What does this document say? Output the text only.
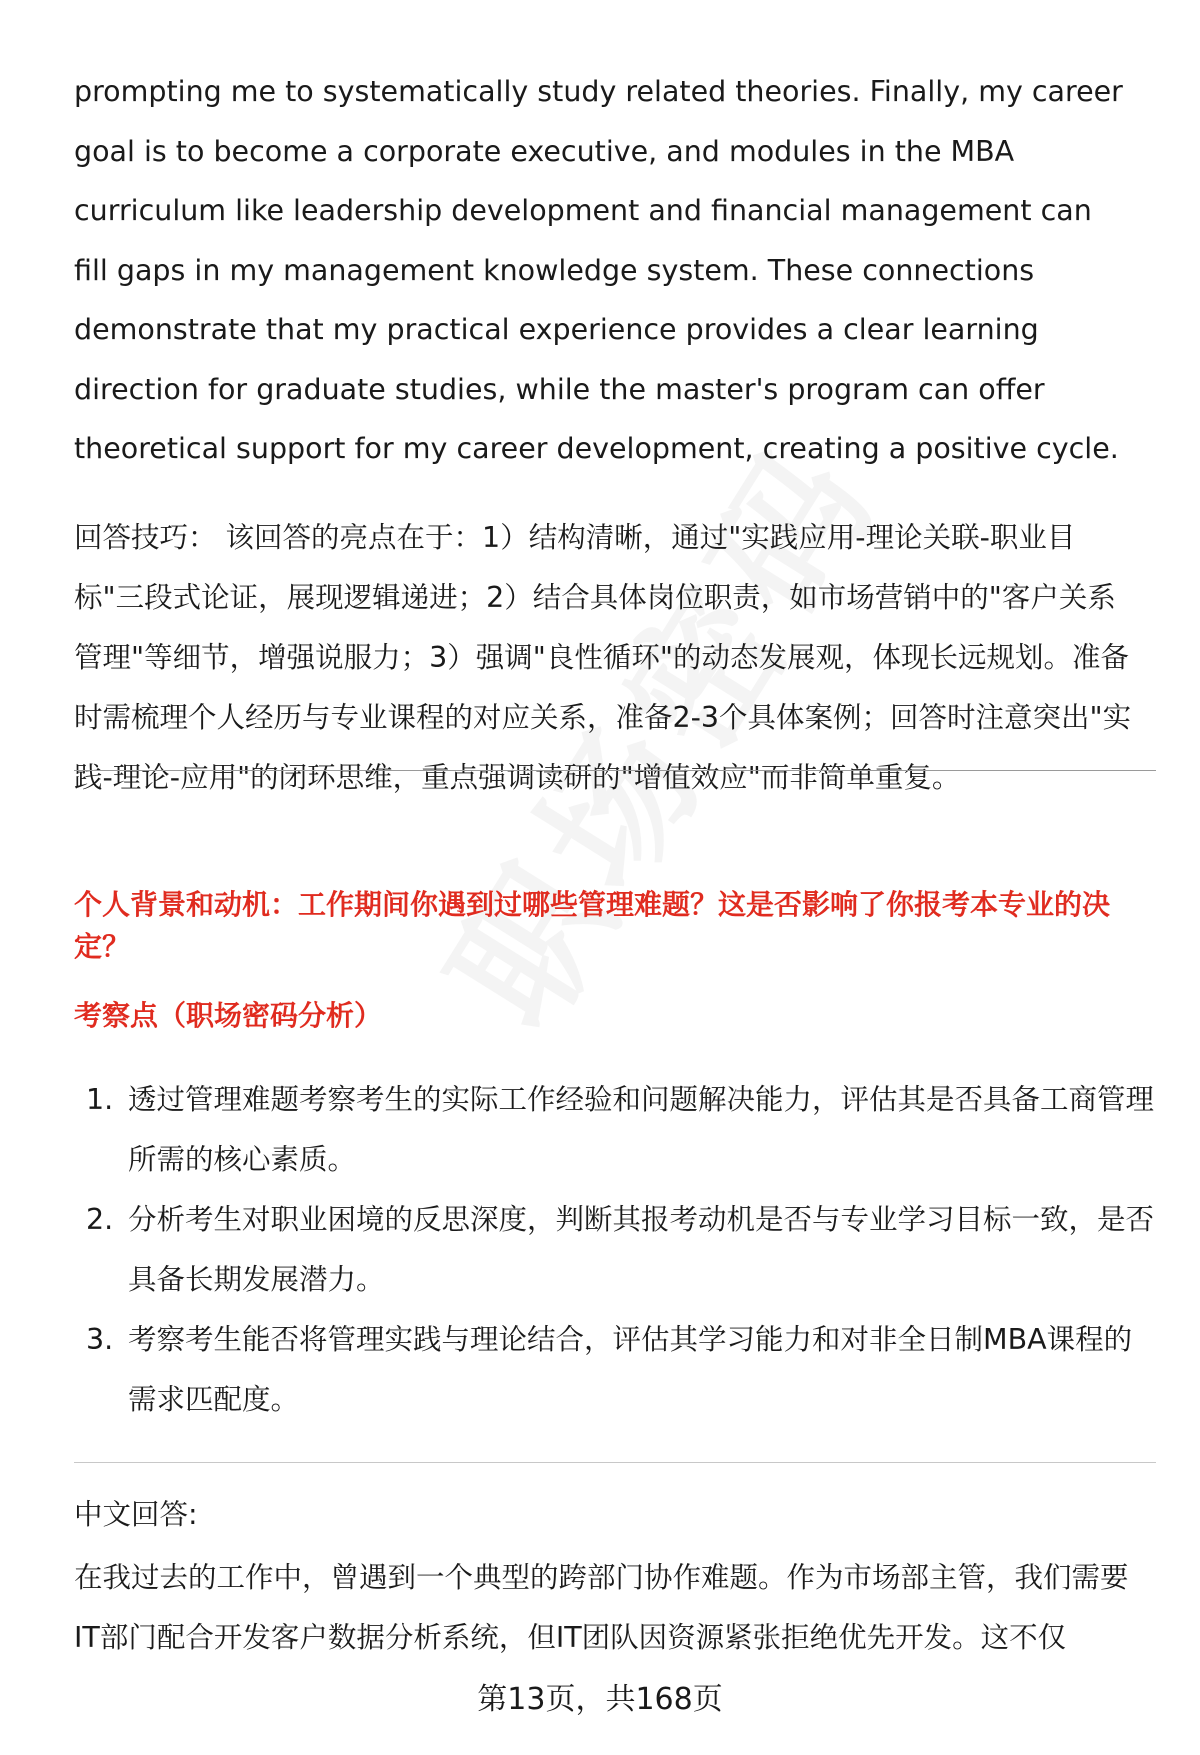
prompting me to systematically study related theories. Finally, my career goal is to become a corporate executive, and modules in the MBA curriculum like leadership development and financial management can fill gaps in my management knowledge system. These connections demonstrate that my practical experience provides a clear learning direction for graduate studies, while the master's program can offer theoretical support for my career development, creating a positive cycle.

回答技巧： 该回答的亮点在于：1）结构清晰，通过"实践应用-理论关联-职业目标"三段式论证，展现逻辑递进；2）结合具体岗位职责，如市场营销中的"客户关系管理"等细节，增强说服力；3）强调"良性循环"的动态发展观，体现长远规划。准备时需梳理个人经历与专业课程的对应关系，准备2-3个具体案例；回答时注意突出"实践-理论-应用"的闭环思维，重点强调读研的"增值效应"而非简单重复。

个人背景和动机：工作期间你遇到过哪些管理难题？这是否影响了你报考本专业的决定？

考察点（职场密码分析）

1. 透过管理难题考察考生的实际工作经验和问题解决能力，评估其是否具备工商管理所需的核心素质。
2. 分析考生对职业困境的反思深度，判断其报考动机是否与专业学习目标一致，是否具备长期发展潜力。
3. 考察考生能否将管理实践与理论结合，评估其学习能力和对非全日制MBA课程的需求匹配度。

中文回答:

在我过去的工作中，曾遇到一个典型的跨部门协作难题。作为市场部主管，我们需要IT部门配合开发客户数据分析系统，但IT团队因资源紧张拒绝优先开发。这不仅

第13页，共168页
